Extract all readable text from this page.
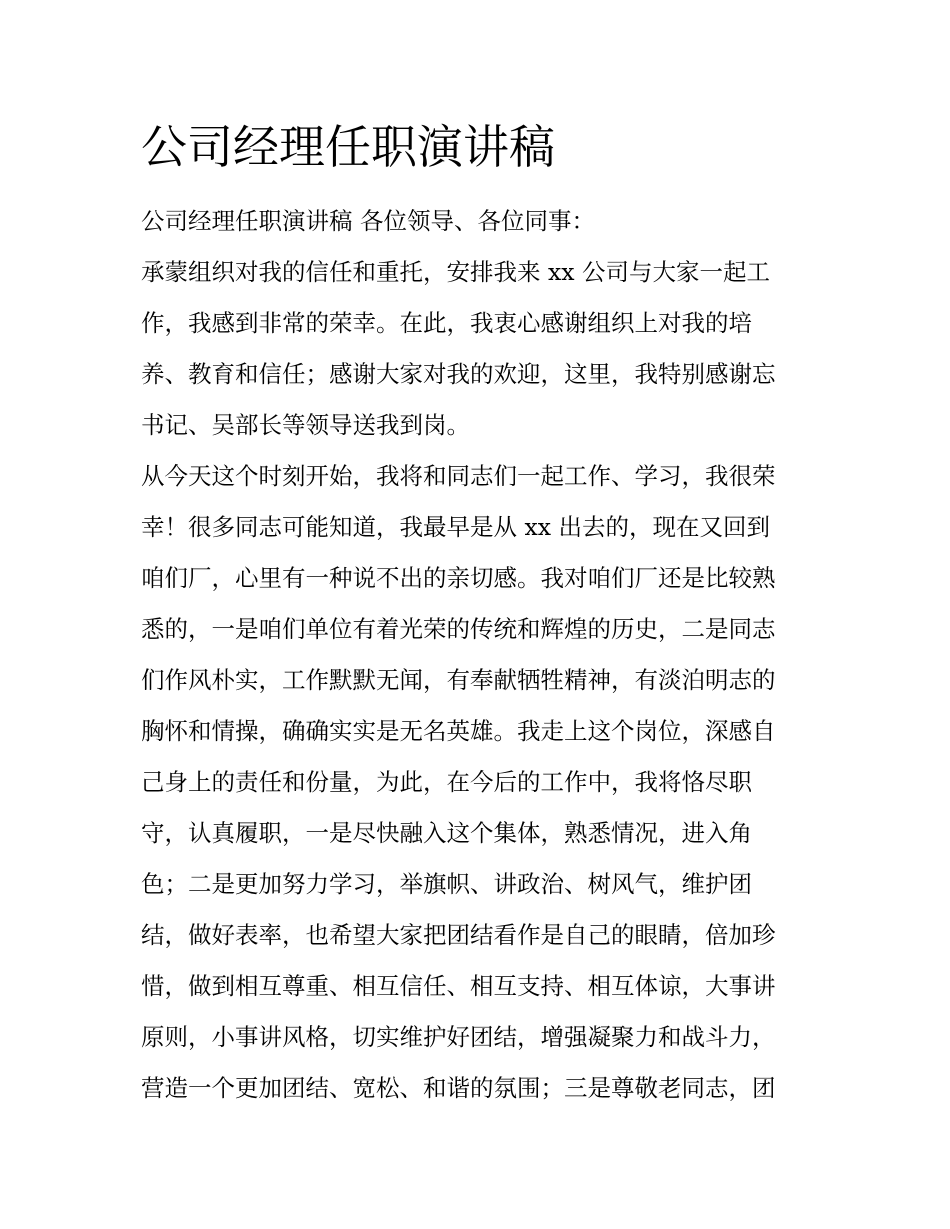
公司经理任职演讲稿
公司经理任职演讲稿 各位领导、各位同事：
承蒙组织对我的信任和重托，安排我来 xx 公司与大家一起工
作，我感到非常的荣幸。在此，我衷心感谢组织上对我的培
养、教育和信任；感谢大家对我的欢迎，这里，我特别感谢忘
书记、吴部长等领导送我到岗。
从今天这个时刻开始，我将和同志们一起工作、学习，我很荣
幸！很多同志可能知道，我最早是从 xx 出去的，现在又回到
咱们厂，心里有一种说不出的亲切感。我对咱们厂还是比较熟
悉的，一是咱们单位有着光荣的传统和辉煌的历史，二是同志
们作风朴实，工作默默无闻，有奉献牺牲精神，有淡泊明志的
胸怀和情操，确确实实是无名英雄。我走上这个岗位，深感自
己身上的责任和份量，为此，在今后的工作中，我将恪尽职
守，认真履职，一是尽快融入这个集体，熟悉情况，进入角
色；二是更加努力学习，举旗帜、讲政治、树风气，维护团
结，做好表率，也希望大家把团结看作是自己的眼睛，倍加珍
惜，做到相互尊重、相互信任、相互支持、相互体谅，大事讲
原则，小事讲风格，切实维护好团结，增强凝聚力和战斗力，
营造一个更加团结、宽松、和谐的氛围；三是尊敬老同志，团
